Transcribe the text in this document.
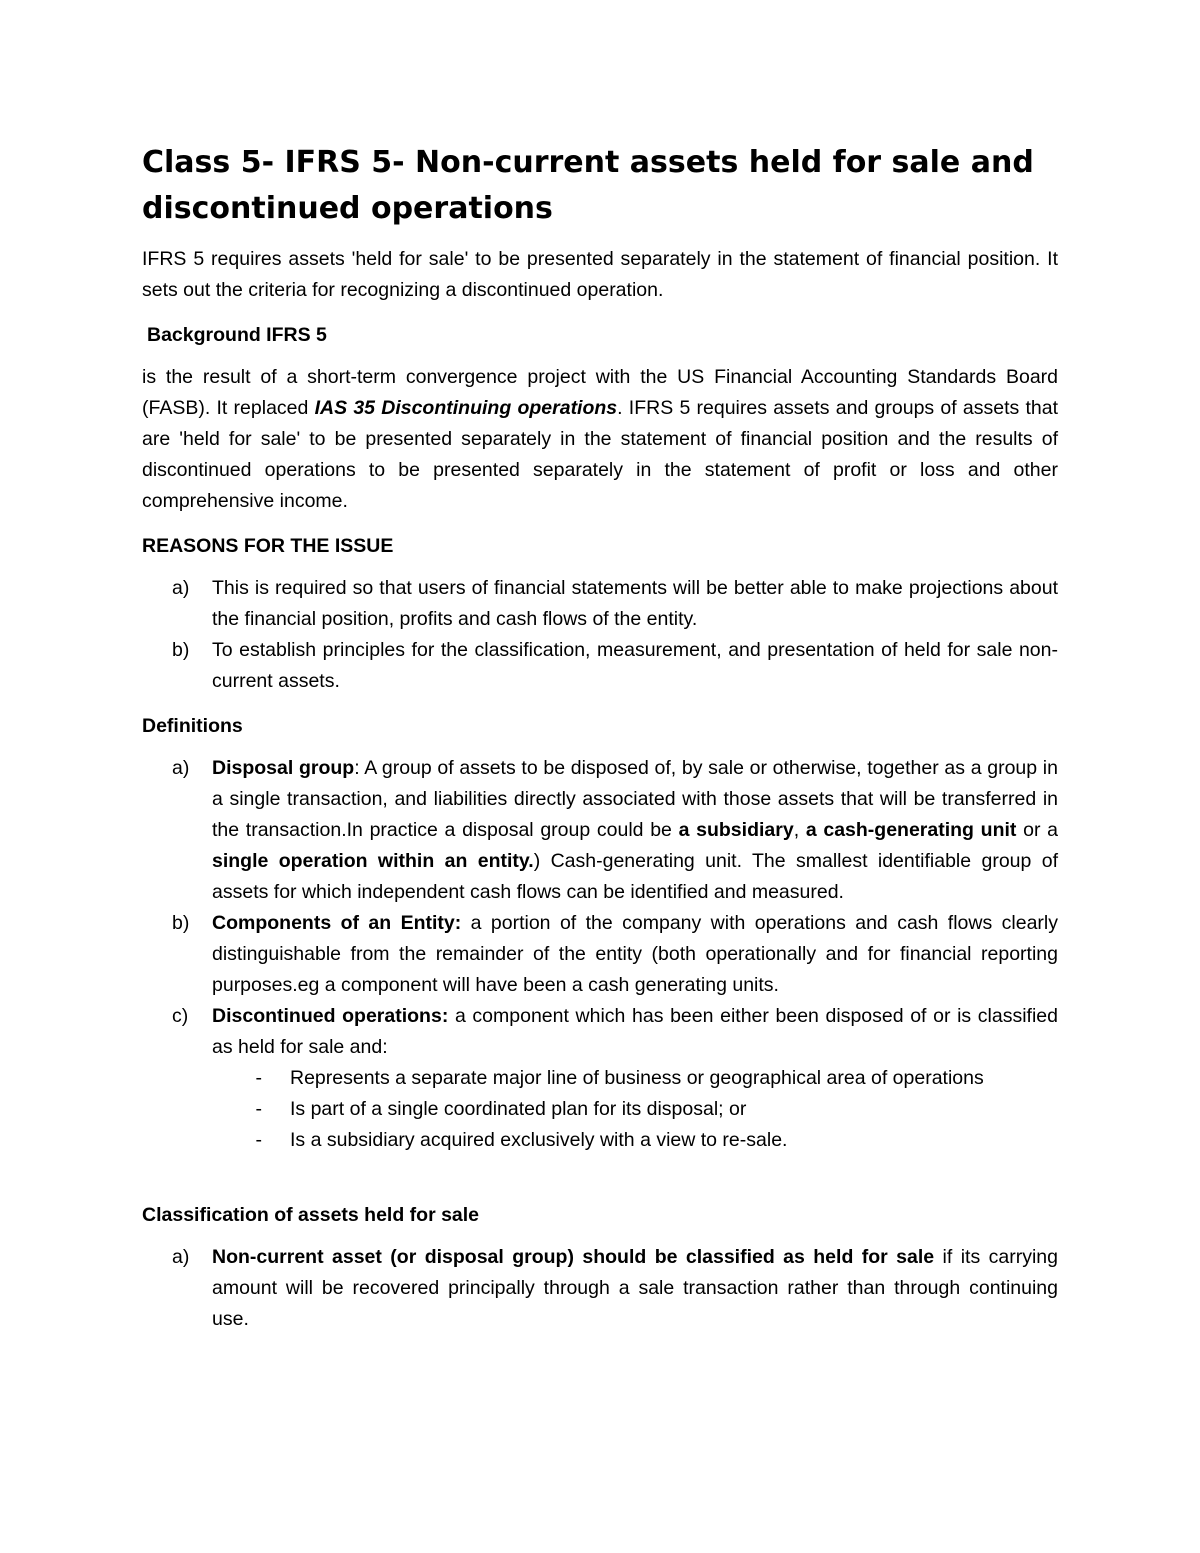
Class 5- IFRS 5- Non-current assets held for sale and discontinued operations

IFRS 5 requires assets 'held for sale' to be presented separately in the statement of financial position. It sets out the criteria for recognizing a discontinued operation.

Background IFRS 5

is the result of a short-term convergence project with the US Financial Accounting Standards Board (FASB). It replaced IAS 35 Discontinuing operations. IFRS 5 requires assets and groups of assets that are 'held for sale' to be presented separately in the statement of financial position and the results of discontinued operations to be presented separately in the statement of profit or loss and other comprehensive income.

REASONS FOR THE ISSUE

a)	This is required so that users of financial statements will be better able to make projections about the financial position, profits and cash flows of the entity.
b)	To establish principles for the classification, measurement, and presentation of held for sale non- current assets.

Definitions

a)	Disposal group: A group of assets to be disposed of, by sale or otherwise, together as a group in a single transaction, and liabilities directly associated with those assets that will be transferred in the transaction.In practice a disposal group could be a subsidiary, a cash-generating unit or a single operation within an entity.) Cash-generating unit. The smallest identifiable group of assets for which independent cash flows can be identified and measured.
b)	Components of an Entity: a portion of the company with operations and cash flows clearly distinguishable from the remainder of the entity (both operationally and for financial reporting purposes.eg a component will have been a cash generating units.
c)	Discontinued operations: a component which has been either been disposed of or is classified as held for sale and:
-	Represents a separate major line of business or geographical area of operations
-	Is part of a single coordinated plan for its disposal; or
-	Is a subsidiary acquired exclusively with a view to re-sale.

Classification of assets held for sale

a)	Non-current asset (or disposal group) should be classified as held for sale if its carrying amount will be recovered principally through a sale transaction rather than through continuing use.
